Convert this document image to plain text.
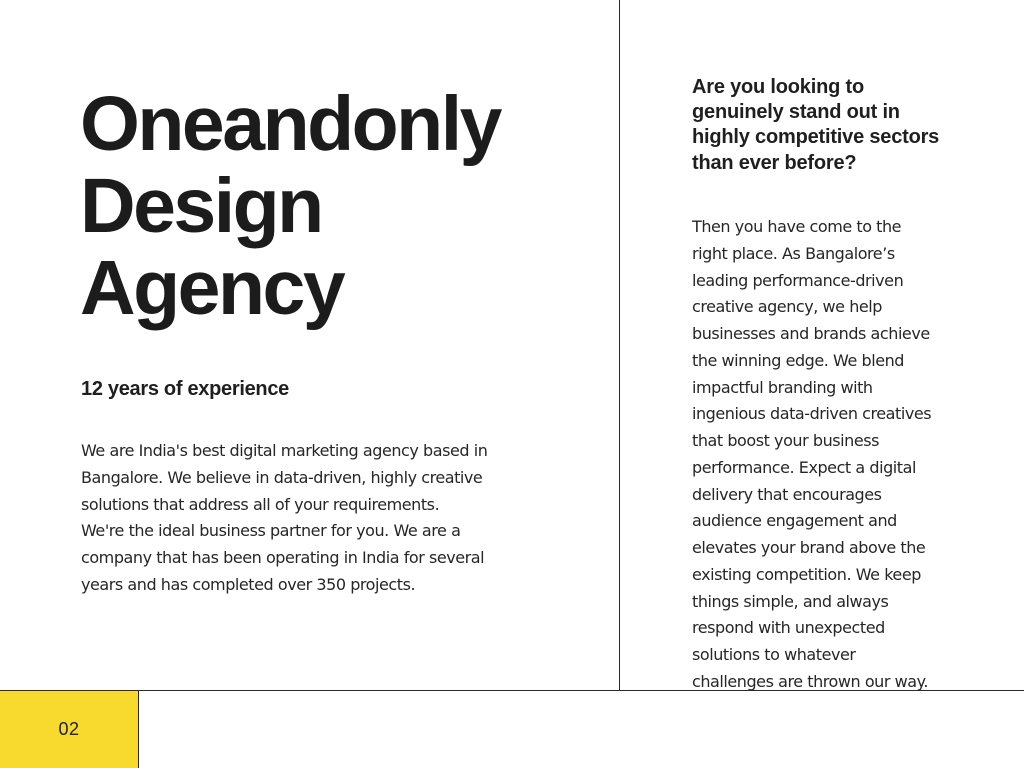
Oneandonly
Design
Agency
12 years of experience

We are India's best digital marketing agency based in
Bangalore. We believe in data-driven, highly creative
solutions that address all of your requirements.
We're the ideal business partner for you. We are a
company that has been operating in India for several
years and has completed over 350 projects.

Are you looking to
genuinely stand out in
highly competitive sectors
than ever before?

Then you have come to the
right place. As Bangalore’s
leading performance-driven
creative agency, we help
businesses and brands achieve
the winning edge. We blend
impactful branding with
ingenious data-driven creatives
that boost your business
performance. Expect a digital
delivery that encourages
audience engagement and
elevates your brand above the
existing competition. We keep
things simple, and always
respond with unexpected
solutions to whatever
challenges are thrown our way.

02
